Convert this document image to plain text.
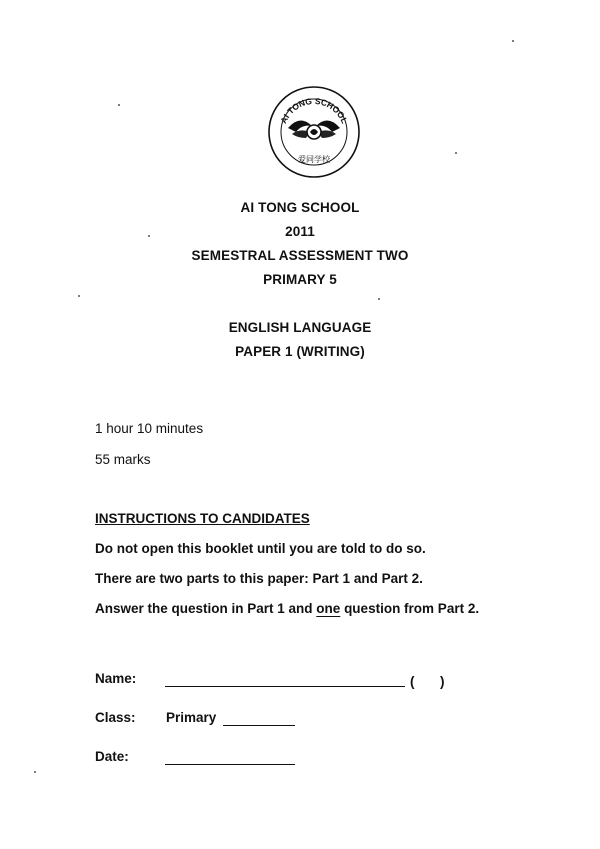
AI TONG SCHOOL
爱同学校
AI TONG SCHOOL
2011
SEMESTRAL ASSESSMENT TWO
PRIMARY 5
ENGLISH LANGUAGE
PAPER 1 (WRITING)
1 hour 10 minutes
55 marks
INSTRUCTIONS TO CANDIDATES
Do not open this booklet until you are told to do so.
There are two parts to this paper: Part 1 and Part 2.
Answer the question in Part 1 and one question from Part 2.
Name:	( )
Class: Primary
Date:
